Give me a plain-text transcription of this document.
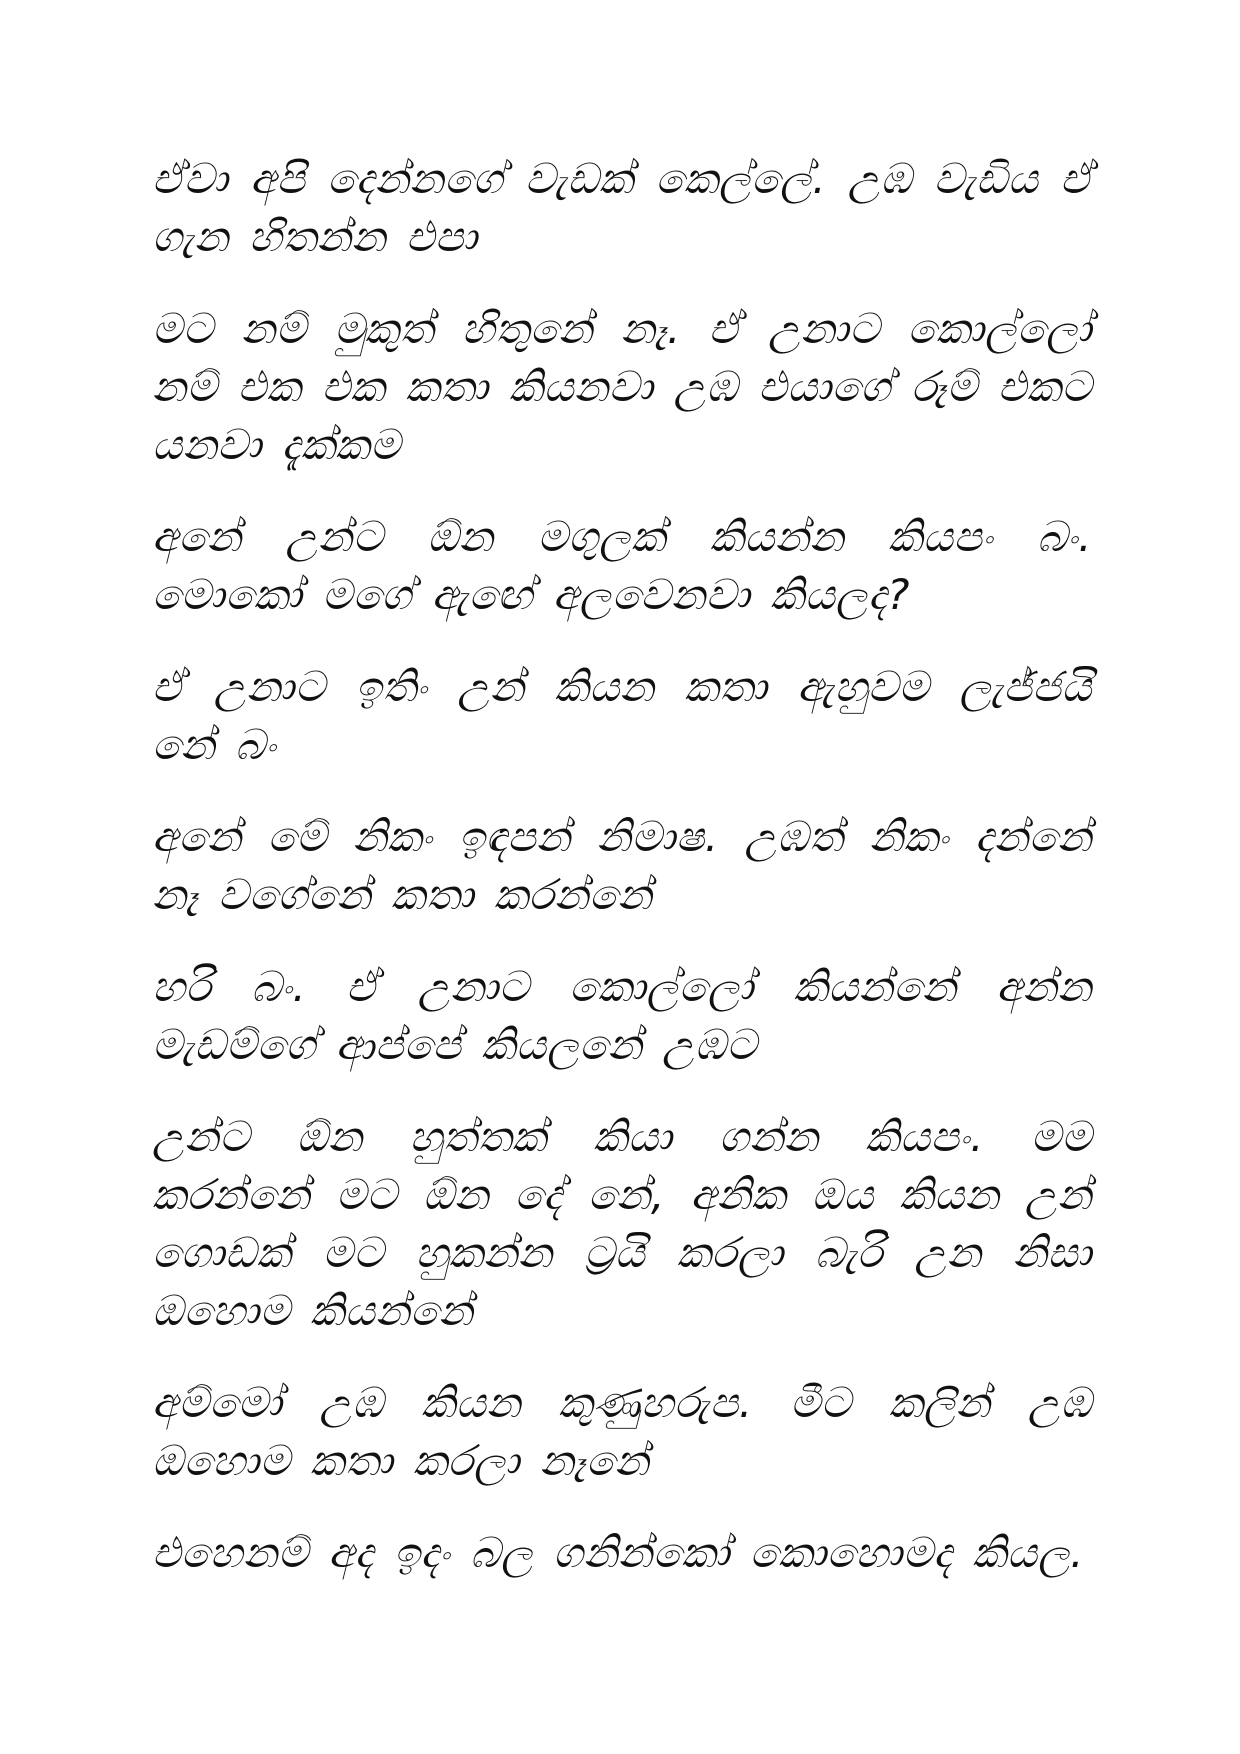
ඒවා අපි දෙන්නගේ වැඩක් කෙල්ලේ. උඹ වැඩිය ඒ ගැන හිතන්න එපා

මට නම් මුකුත් හිතුනේ නෑ. ඒ උනාට කොල්ලෝ නම් එක එක කතා කියනවා උඹ එයාගේ රූම් එකට යනවා දැක්කම

අනේ උන්ට ඕන මගුලක් කියන්න කියපං බං. මොකෝ මගේ ඇඟේ අලවෙනවා කියලද?

ඒ උනාට ඉතිං උන් කියන කතා ඇහුවම ලැජ්ජයි නේ බං

අනේ මේ නිකං ඉඳපන් නිමාෂ. උඹත් නිකං දන්නේ නෑ වගේනේ කතා කරන්නේ

හරි බං. ඒ උනාට කොල්ලෝ කියන්නේ අන්න මැඩම්ගේ ආප්පේ කියලනේ උඹට

උන්ට ඕන හුත්තක් කියා ගන්න කියපං. මම කරන්නේ මට ඕන දේ නේ, අනික ඔය කියන උන් ගොඩක් මට හුකන්න ට්‍රයි කරලා බැරි උන නිසා ඔහොම කියන්නේ

අම්මෝ උඹ කියන කුණුහරුප. මීට කලින් උඹ ඔහොම කතා කරලා නෑනේ

එහෙනම් අද ඉදං බල ගනින්කෝ කොහොමද කියල.
